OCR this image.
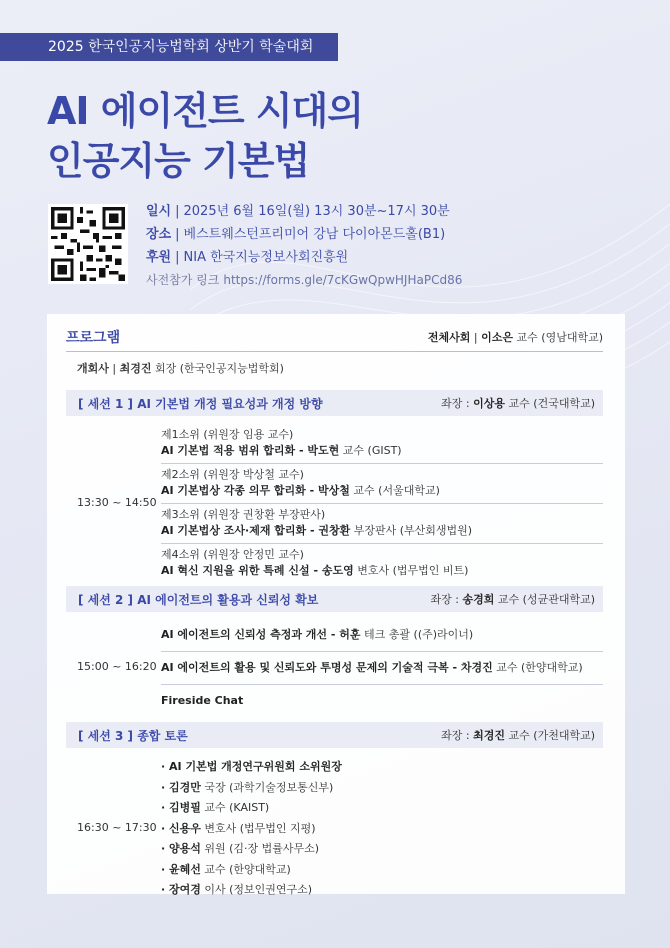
2025 한국인공지능법학회 상반기 학술대회
AI 에이전트 시대의
인공지능 기본법
일시 | 2025년 6월 16일(월) 13시 30분~17시 30분
장소 | 베스트웨스턴프리미어 강남 다이아몬드홀(B1)
후원 | NIA 한국지능정보사회진흥원
사전참가 링크 https://forms.gle/7cKGwQpwHJHaPCd86
프로그램	전체사회 | 이소은 교수 (영남대학교)
개회사 | 최경진 회장 (한국인공지능법학회)
[ 세션 1 ] AI 기본법 개정 필요성과 개정 방향	좌장 : 이상용 교수 (건국대학교)
13:30 ~ 14:50
제1소위 (위원장 임용 교수)
AI 기본법 적용 범위 합리화 - 박도현 교수 (GIST)
제2소위 (위원장 박상철 교수)
AI 기본법상 각종 의무 합리화 - 박상철 교수 (서울대학교)
제3소위 (위원장 권창환 부장판사)
AI 기본법상 조사·제재 합리화 - 권창환 부장판사 (부산회생법원)
제4소위 (위원장 안정민 교수)
AI 혁신 지원을 위한 특례 신설 - 송도영 변호사 (법무법인 비트)
[ 세션 2 ] AI 에이전트의 활용과 신뢰성 확보	좌장 : 송경희 교수 (성균관대학교)
15:00 ~ 16:20
AI 에이전트의 신뢰성 측정과 개선 - 허훈 테크 총괄 ((주)라이너)
AI 에이전트의 활용 및 신뢰도와 투명성 문제의 기술적 극복 - 차경진 교수 (한양대학교)
Fireside Chat
[ 세션 3 ] 종합 토론	좌장 : 최경진 교수 (가천대학교)
16:30 ~ 17:30
· AI 기본법 개정연구위원회 소위원장
· 김경만 국장 (과학기술정보통신부)
· 김병필 교수 (KAIST)
· 신용우 변호사 (법무법인 지평)
· 양용석 위원 (김·장 법률사무소)
· 윤혜선 교수 (한양대학교)
· 장여경 이사 (정보인권연구소)
